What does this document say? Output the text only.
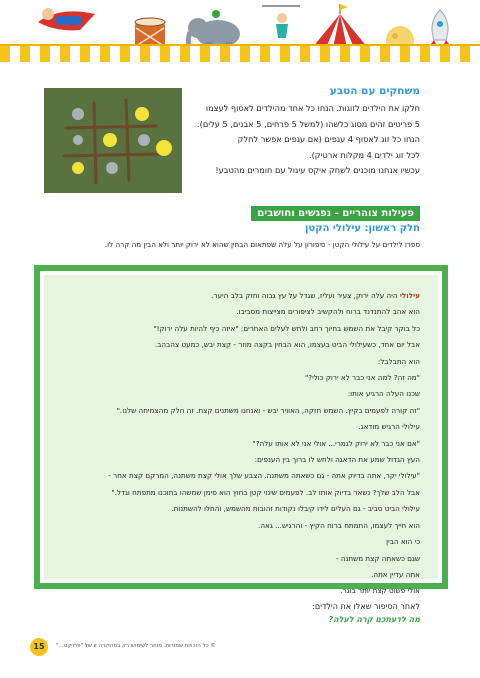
משחקים עם הטבע
חלקו את הילדים לזוגות. הנחו כל אחד מהילדים לאסוף לעצמו
5 פריטים זהים מסוג כלשהו (למשל 5 פרחים, 5 אבנים, 5 עלים).
הנחו כל זוג לאסוף 4 ענפים (אם ענפים אפשר לחלק
לכל זוג ילדים 4 מקלות ארטיק).
עכשיו אנחנו מוכנים לשחק איקס עיגול עם חומרים מהטבע!
פעילות צוהריים - נפגשים וחושבים
חלק ראשון: עילולי הקטן
ספרו לילדים על עילולי הקטן - סיפורון על עלה שפתאום הבחין שהוא לא ירוק יותר ולא הבין מה קרה לו.

עילולי היה עלה ירוק, צעיר ועליז, שגדל על עץ גבוה וחזק בלב היער.

הוא אהב להתנדנד ברוח ולהקשיב לציפורים מצייצות מסביבו.

כל בוקר קיבל את השמש בחיוך רחב ולחש לעלים האחרים: "איזה כיף להיות עלה ירוק!"

אבל יום אחד, כשעילולי הביט בעצמו, הוא הבחין בקצה מוזר - קצת יבש, כמעט צהבהב.

הוא התבלבל:

"מה זה? למה אני כבר לא ירוק כולי?"

שכנו העלה הרגיע אותו:

"זה קורה לפעמים בקיץ. השמש חזקה, האוויר יבש - ואנחנו משתנים קצת. זה חלק מהצמיחה שלנו."

עילולי הרגיש מודאג.

"אם אני כבר לא ירוק לגמרי... אולי אני לא אותו עלה?"

העץ הגדול שמע את הדאגה ולחש לו ברוך בין הענפים:

"עילולי יקר, אתה בדיוק אתה - גם כשאתה משתנה. הצבע שלך אולי קצת משתנה, המרקם קצת אחר -

אבל הלב שלך? נשאר בדיוק אותו לב. לפעמים שינוי קטן בחוץ הוא סימן שמשהו בתוכנו מתפתח וגדל."

עילולי הביט סביב - גם העלים לידו קיבלו נקודות זהובות מהשמש, והחלו להשתנות.

הוא חייך לעצמו, התמתח ברוח הקיץ - והרגיש... גאה.

כי הוא הבין

שגם כשאתה קצת משתנה -

אתה עדיין אתה.

אולי פשוט קצת יותר בוגר.

לאחר הסיפור שאלו את הילדים:
מה לדעתכם קרה לעלה?
15	© כל הזכויות שמורות. מותר לשימוש רק במהדורה זו של "פרויקט..."
